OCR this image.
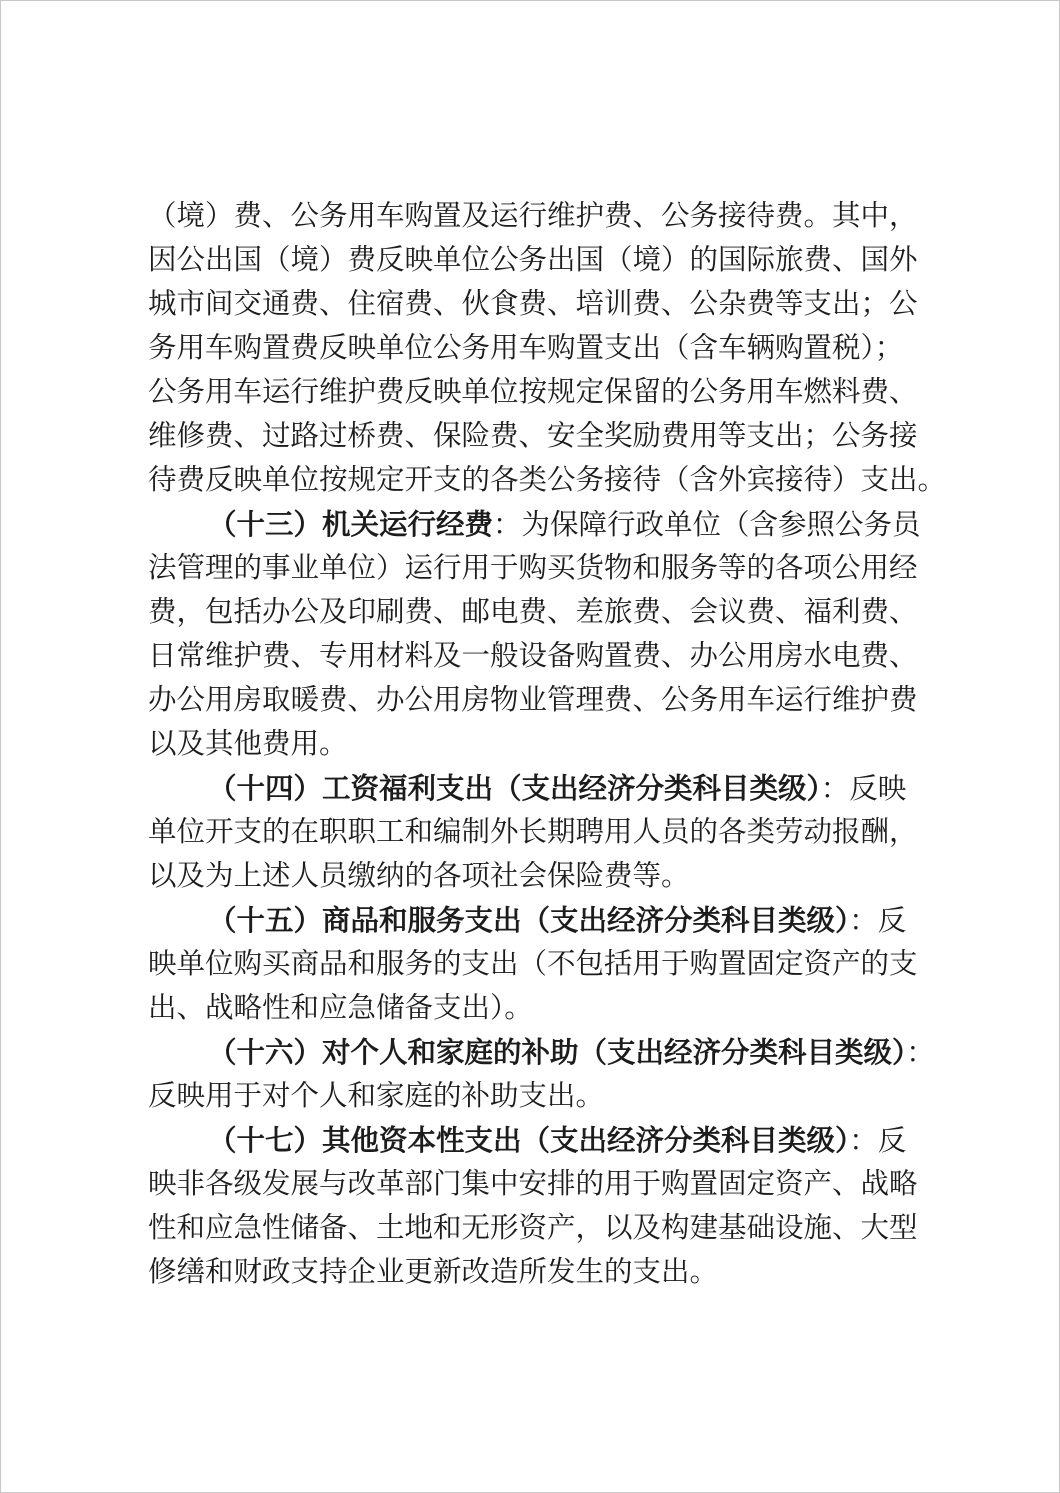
（境）费、公务用车购置及运行维护费、公务接待费。其中，
因公出国（境）费反映单位公务出国（境）的国际旅费、国外
城市间交通费、住宿费、伙食费、培训费、公杂费等支出；公
务用车购置费反映单位公务用车购置支出（含车辆购置税）；
公务用车运行维护费反映单位按规定保留的公务用车燃料费、
维修费、过路过桥费、保险费、安全奖励费用等支出；公务接
待费反映单位按规定开支的各类公务接待（含外宾接待）支出。
（十三）机关运行经费：为保障行政单位（含参照公务员
法管理的事业单位）运行用于购买货物和服务等的各项公用经
费，包括办公及印刷费、邮电费、差旅费、会议费、福利费、
日常维护费、专用材料及一般设备购置费、办公用房水电费、
办公用房取暖费、办公用房物业管理费、公务用车运行维护费
以及其他费用。
（十四）工资福利支出（支出经济分类科目类级）：反映
单位开支的在职职工和编制外长期聘用人员的各类劳动报酬，
以及为上述人员缴纳的各项社会保险费等。
（十五）商品和服务支出（支出经济分类科目类级）：反
映单位购买商品和服务的支出（不包括用于购置固定资产的支
出、战略性和应急储备支出）。
（十六）对个人和家庭的补助（支出经济分类科目类级）：
反映用于对个人和家庭的补助支出。
（十七）其他资本性支出（支出经济分类科目类级）：反
映非各级发展与改革部门集中安排的用于购置固定资产、战略
性和应急性储备、土地和无形资产，以及构建基础设施、大型
修缮和财政支持企业更新改造所发生的支出。
